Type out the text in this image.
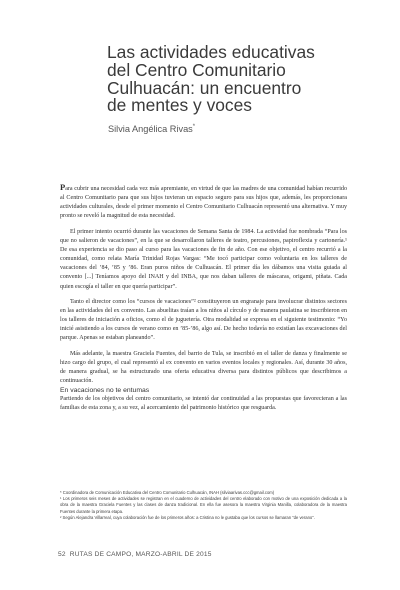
Las actividades educativas
del Centro Comunitario
Culhuacán: un encuentro
de mentes y voces
Silvia Angélica Rivas*

Para cubrir una necesidad cada vez más apremiante, en virtud de que las madres de una comunidad habían recurrido al Centro Comunitario para que sus hijos tuvieran un espacio seguro para sus hijos que, además, les proporcionara actividades culturales, desde el primer momento el Centro Comunitario Culhuacán representó una alternativa. Y muy pronto se reveló la magnitud de esta necesidad.

El primer intento ocurrió durante las vacaciones de Semana Santa de 1984. La actividad fue nombrada “Para los que no salieron de vacaciones”, en la que se desarrollaron talleres de teatro, percusiones, papiroflexia y cartonería.¹ De esa experiencia se dio paso al curso para las vacaciones de fin de año. Con ese objetivo, el centro recurrió a la comunidad, como relata María Trinidad Rojas Vargas: “Me tocó participar como voluntaria en los talleres de vacaciones del ’84, ’85 y ’86. Eran puros niños de Culhuacán. El primer día les dábamos una visita guiada al convento [...] Teníamos apoyo del INAH y del INBA, que nos daban talleres de máscaras, origami, piñata. Cada quien escogía el taller en que quería participar”.

Tanto el director como los “cursos de vacaciones”² constituyeron un engranaje para involucrar distintos sectores en las actividades del ex convento. Las abuelitas traían a los niños al círculo y de manera paulatina se inscribieron en los talleres de iniciación a oficios, como el de juguetería. Otra modalidad se expresa en el siguiente testimonio: “Yo inicié asistiendo a los cursos de verano como en ’85-’86, algo así. De hecho todavía no existían las excavaciones del parque. Apenas se estaban planeando”.

Más adelante, la maestra Graciela Fuentes, del barrio de Tula, se inscribió en el taller de danza y finalmente se hizo cargo del grupo, el cual representó al ex convento en varios eventos locales y regionales. Así, durante 30 años, de manera gradual, se ha estructurado una oferta educativa diversa para distintos públicos que describimos a continuación.

En vacaciones no te entumas

Partiendo de los objetivos del centro comunitario, se intentó dar continuidad a las propuestas que favorecieran a las familias de esta zona y, a su vez, al acercamiento del patrimonio histórico que resguarda.

* Coordinadora de Comunicación Educativa del Centro Comunitario Culhuacán, INAH (silviaarivas.ccc@gmail.com)
¹ Los primeros seis meses de actividades se registran en el cuaderno de actividades del centro elaborado con motivo de una exposición dedicada a la obra de la maestra Graciela Fuentes y las clases de danza tradicional. En ella fue asesora la maestra Virginia Manilla, colaboradora de la maestra Fuentes durante la primera etapa.
² Según Alejandra Villarreal, cuya colaboración fue de los primeros años: a Cristina no le gustaba que los cursos se llamaran “de verano”.
52 RUTAS DE CAMPO, MARZO-ABRIL DE 2015
